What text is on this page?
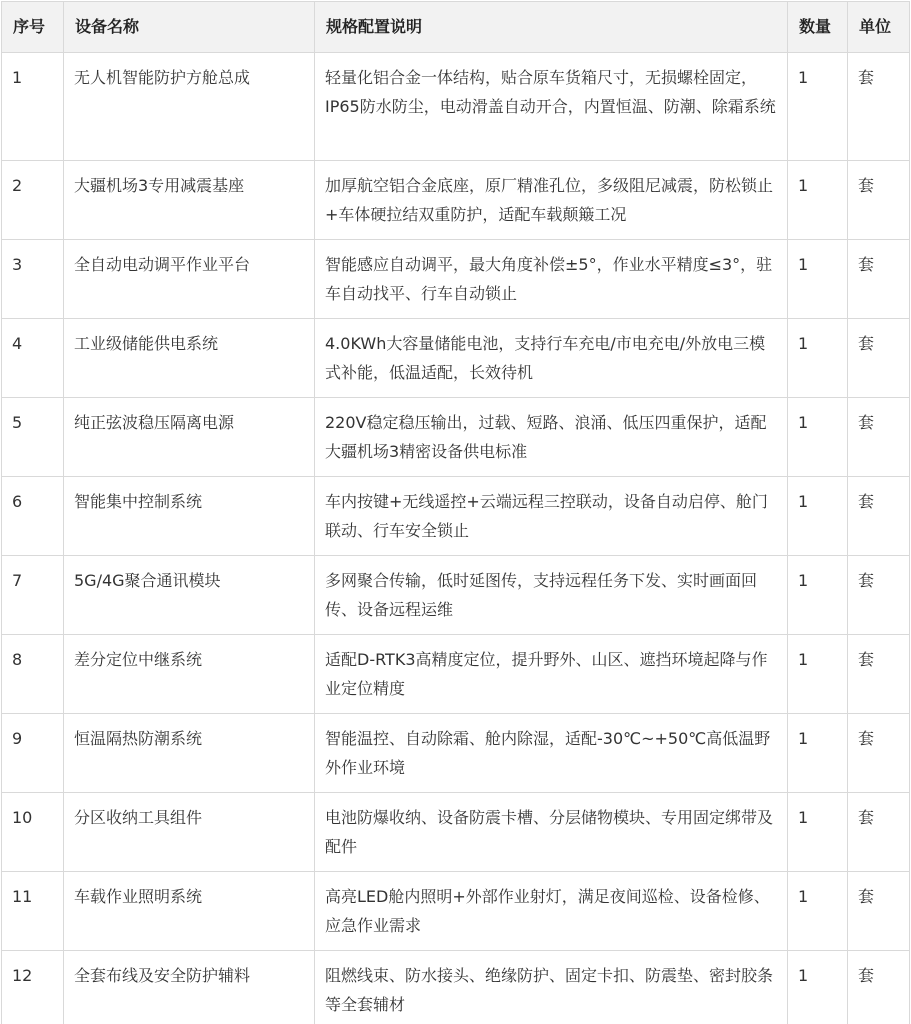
序号	设备名称	规格配置说明	数量	单位
1	无人机智能防护方舱总成	轻量化铝合金一体结构，贴合原车货箱尺寸，无损螺栓固定，IP65防水防尘，电动滑盖自动开合，内置恒温、防潮、除霜系统	1	套
2	大疆机场3专用减震基座	加厚航空铝合金底座，原厂精准孔位，多级阻尼减震，防松锁止+车体硬拉结双重防护，适配车载颠簸工况	1	套
3	全自动电动调平作业平台	智能感应自动调平，最大角度补偿±5°，作业水平精度≤3°，驻车自动找平、行车自动锁止	1	套
4	工业级储能供电系统	4.0KWh大容量储能电池，支持行车充电/市电充电/外放电三模式补能，低温适配，长效待机	1	套
5	纯正弦波稳压隔离电源	220V稳定稳压输出，过载、短路、浪涌、低压四重保护，适配大疆机场3精密设备供电标准	1	套
6	智能集中控制系统	车内按键+无线遥控+云端远程三控联动，设备自动启停、舱门联动、行车安全锁止	1	套
7	5G/4G聚合通讯模块	多网聚合传输，低时延图传，支持远程任务下发、实时画面回传、设备远程运维	1	套
8	差分定位中继系统	适配D-RTK3高精度定位，提升野外、山区、遮挡环境起降与作业定位精度	1	套
9	恒温隔热防潮系统	智能温控、自动除霜、舱内除湿，适配-30℃~+50℃高低温野外作业环境	1	套
10	分区收纳工具组件	电池防爆收纳、设备防震卡槽、分层储物模块、专用固定绑带及配件	1	套
11	车载作业照明系统	高亮LED舱内照明+外部作业射灯，满足夜间巡检、设备检修、应急作业需求	1	套
12	全套布线及安全防护辅料	阻燃线束、防水接头、绝缘防护、固定卡扣、防震垫、密封胶条等全套辅材	1	套
